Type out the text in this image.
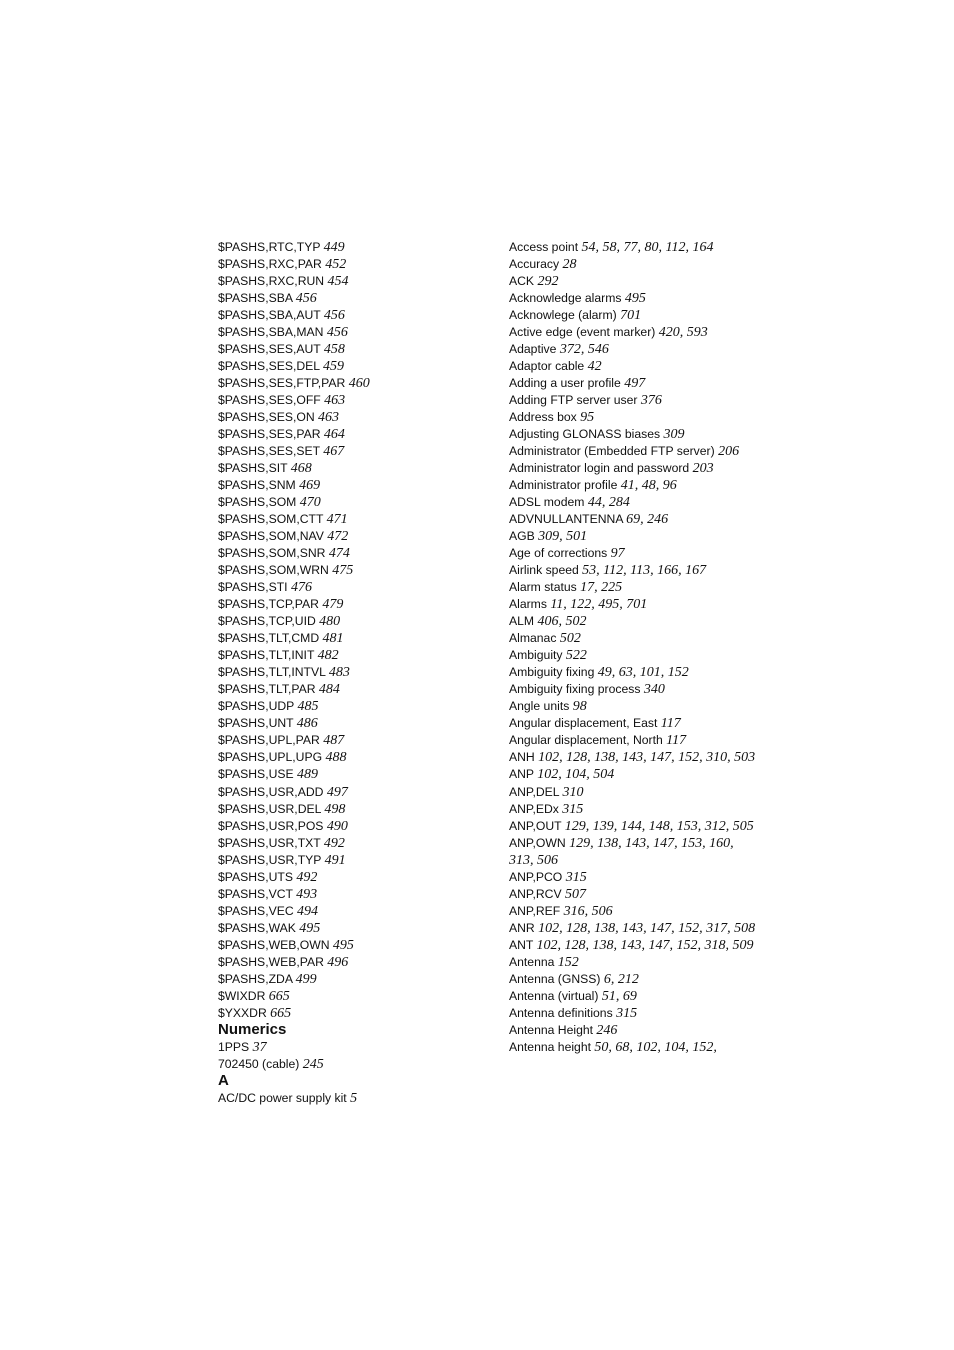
$PASHS,RTC,TYP 449
$PASHS,RXC,PAR 452
$PASHS,RXC,RUN 454
$PASHS,SBA 456
$PASHS,SBA,AUT 456
$PASHS,SBA,MAN 456
$PASHS,SES,AUT 458
$PASHS,SES,DEL 459
$PASHS,SES,FTP,PAR 460
$PASHS,SES,OFF 463
$PASHS,SES,ON 463
$PASHS,SES,PAR 464
$PASHS,SES,SET 467
$PASHS,SIT 468
$PASHS,SNM 469
$PASHS,SOM 470
$PASHS,SOM,CTT 471
$PASHS,SOM,NAV 472
$PASHS,SOM,SNR 474
$PASHS,SOM,WRN 475
$PASHS,STI 476
$PASHS,TCP,PAR 479
$PASHS,TCP,UID 480
$PASHS,TLT,CMD 481
$PASHS,TLT,INIT 482
$PASHS,TLT,INTVL 483
$PASHS,TLT,PAR 484
$PASHS,UDP 485
$PASHS,UNT 486
$PASHS,UPL,PAR 487
$PASHS,UPL,UPG 488
$PASHS,USE 489
$PASHS,USR,ADD 497
$PASHS,USR,DEL 498
$PASHS,USR,POS 490
$PASHS,USR,TXT 492
$PASHS,USR,TYP 491
$PASHS,UTS 492
$PASHS,VCT 493
$PASHS,VEC 494
$PASHS,WAK 495
$PASHS,WEB,OWN 495
$PASHS,WEB,PAR 496
$PASHS,ZDA 499
$WIXDR 665
$YXXDR 665
Numerics
1PPS 37
702450 (cable) 245
A
AC/DC power supply kit 5
Access point 54, 58, 77, 80, 112, 164
Accuracy 28
ACK 292
Acknowledge alarms 495
Acknowlege (alarm) 701
Active edge (event marker) 420, 593
Adaptive 372, 546
Adaptor cable 42
Adding a user profile 497
Adding FTP server user 376
Address box 95
Adjusting GLONASS biases 309
Administrator (Embedded FTP server) 206
Administrator login and password 203
Administrator profile 41, 48, 96
ADSL modem 44, 284
ADVNULLANTENNA 69, 246
AGB 309, 501
Age of corrections 97
Airlink speed 53, 112, 113, 166, 167
Alarm status 17, 225
Alarms 11, 122, 495, 701
ALM 406, 502
Almanac 502
Ambiguity 522
Ambiguity fixing 49, 63, 101, 152
Ambiguity fixing process 340
Angle units 98
Angular displacement, East 117
Angular displacement, North 117
ANH 102, 128, 138, 143, 147, 152, 310, 503
ANP 102, 104, 504
ANP,DEL 310
ANP,EDx 315
ANP,OUT 129, 139, 144, 148, 153, 312, 505
ANP,OWN 129, 138, 143, 147, 153, 160, 313, 506
ANP,PCO 315
ANP,RCV 507
ANP,REF 316, 506
ANR 102, 128, 138, 143, 147, 152, 317, 508
ANT 102, 128, 138, 143, 147, 152, 318, 509
Antenna 152
Antenna (GNSS) 6, 212
Antenna (virtual) 51, 69
Antenna definitions 315
Antenna Height 246
Antenna height 50, 68, 102, 104, 152,
